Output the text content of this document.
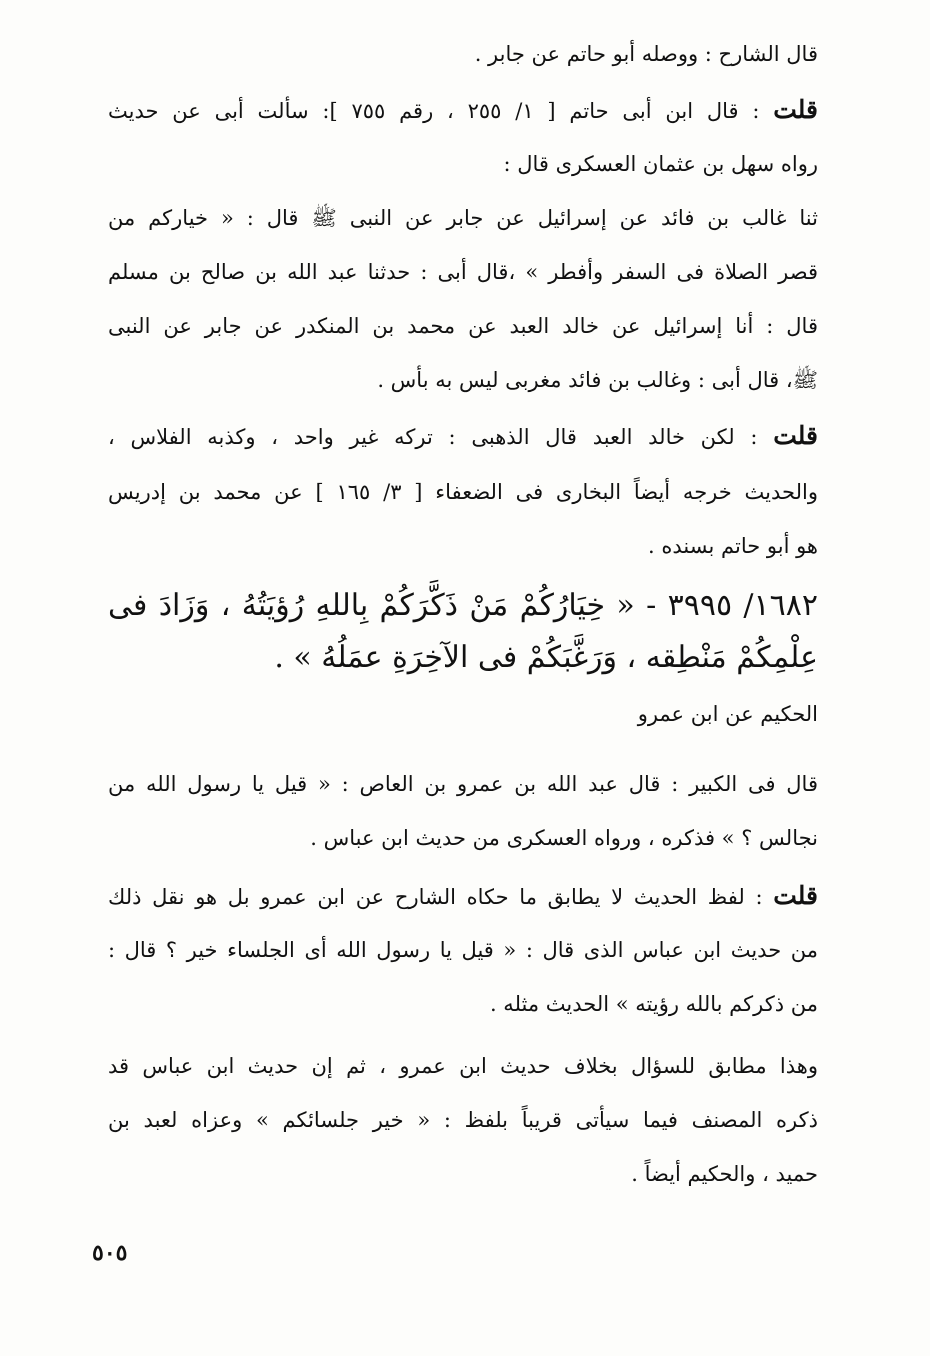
قال الشارح : ووصله أبو حاتم عن جابر .
قلت : قال ابن أبى حاتم [ ١/ ٢٥٥ ، رقم ٧٥٥ ]: سألت أبى عن حديث
رواه سهل بن عثمان العسكرى قال :
ثنا غالب بن فائد عن إسرائيل عن جابر عن النبى ﷺ قال : « خياركم من
قصر الصلاة فى السفر وأفطر » ،قال أبى : حدثنا عبد الله بن صالح بن مسلم
قال : أنا إسرائيل عن خالد العبد عن محمد بن المنكدر عن جابر عن النبى
ﷺ، قال أبى : وغالب بن فائد مغربى ليس به بأس .
قلت : لكن خالد العبد قال الذهبى : تركه غير واحد ، وكذبه الفلاس ،
والحديث خرجه أيضاً البخارى فى الضعفاء [ ٣/ ١٦٥ ] عن محمد بن إدريس
هو أبو حاتم بسنده .
١٦٨٢/ ٣٩٩٥ - « خِيَارُكُمْ مَنْ ذَكَّرَكُمْ بِاللهِ رُؤيَتُهُ ، وَزَادَ فى
عِلْمِكُمْ مَنْطِقه ، وَرَغَّبَكُمْ فى الآخِرَةِ عمَلُهُ » .
الحكيم عن ابن عمرو
قال فى الكبير : قال عبد الله بن عمرو بن العاص : « قيل يا رسول الله من
نجالس ؟ » فذكره ، ورواه العسكرى من حديث ابن عباس .
قلت : لفظ الحديث لا يطابق ما حكاه الشارح عن ابن عمرو بل هو نقل ذلك
من حديث ابن عباس الذى قال : « قيل يا رسول الله أى الجلساء خير ؟ قال :
من ذكركم بالله رؤيته » الحديث مثله .
وهذا مطابق للسؤال بخلاف حديث ابن عمرو ، ثم إن حديث ابن عباس قد
ذكره المصنف فيما سيأتى قريباً بلفظ : « خير جلسائكم » وعزاه لعبد بن
حميد ، والحكيم أيضاً .
٥٠٥
